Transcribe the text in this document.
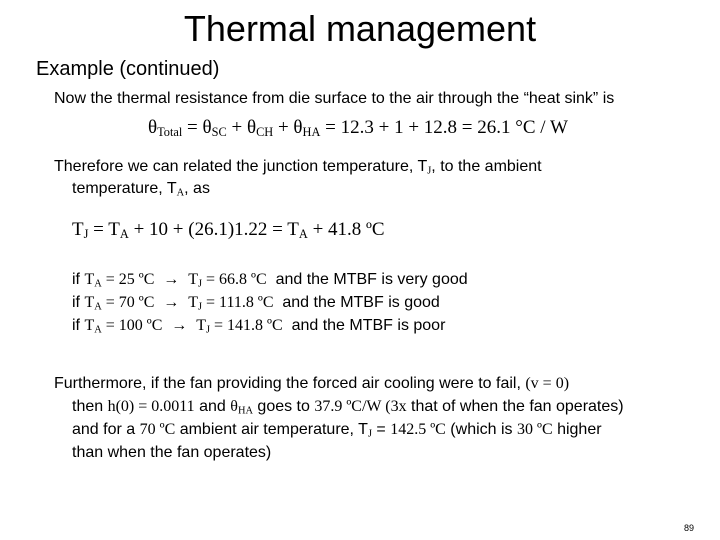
Thermal management
Example (continued)
Now the thermal resistance from die surface to the air through the “heat sink” is
$\theta_{Total} = \theta_{SC} + \theta_{CH} + \theta_{HA} = 12.3 + 1 + 12.8 = 26.1$ °C / W
Therefore we can related the junction temperature, $T_J$, to the ambient
temperature, $T_A$, as
$T_J = T_A + 10 + (26.1)1.22 = T_A + 41.8$ ºC
if $T_A = 25$ ºC → $T_J = 66.8$ ºC  and the MTBF is very good
if $T_A = 70$ ºC → $T_J = 111.8$ ºC  and the MTBF is good
if $T_A = 100$ ºC → $T_J = 141.8$ ºC  and the MTBF is poor
Furthermore, if the fan providing the forced air cooling were to fail, (v = 0)
then h(0) = 0.0011 and $\theta_{HA}$ goes to 37.9 ºC/W (3x that of when the fan operates)
and for a 70 ºC ambient air temperature, $T_J = 142.5$ ºC (which is 30 ºC higher
than when the fan operates)
89
